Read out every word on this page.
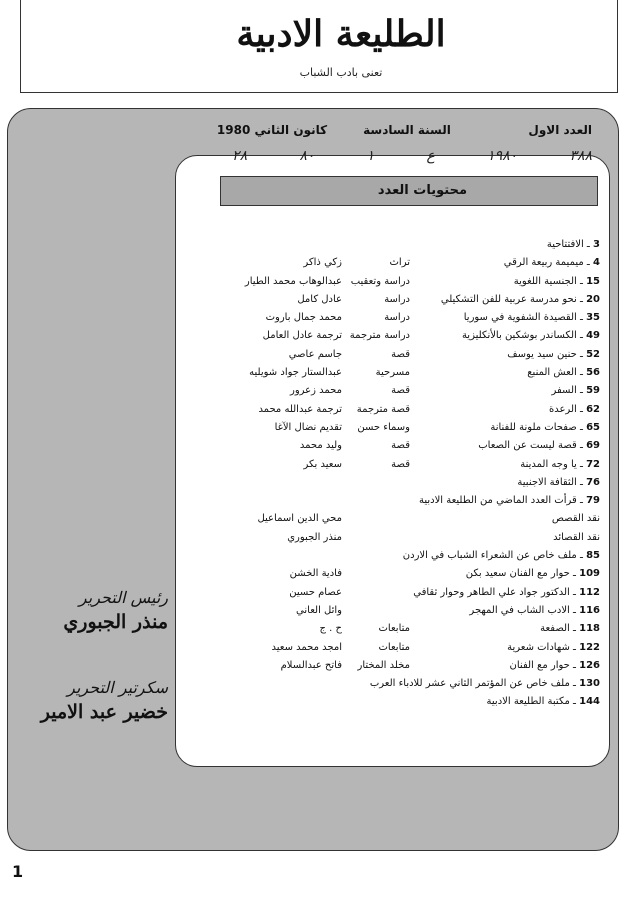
الطليعة الادبية
تعنى بادب الشباب
العدد الاول
السنة السادسة
كانون الثاني 1980
٣٨٨
١٩٨٠
ع
١
٨٠
٢٨
محتويات العدد
3 ـ الافتتاحية
4 ـ ميميمة ربيعة الرقي
تراث
زكي ذاكر
15 ـ الجنسية اللغوية
دراسة وتعقيب
عبدالوهاب محمد الطيار
20 ـ نحو مدرسة عربية للفن التشكيلي
دراسة
عادل كامل
35 ـ القصيدة الشفوية في سوريا
دراسة
محمد جمال باروت
49 ـ الكساندر بوشكين بالأنكليزية
دراسة مترجمة
ترجمة عادل العامل
52 ـ حنين سيد يوسف
قصة
جاسم عاصي
56 ـ العش المنبع
مسرحية
عبدالستار جواد شويليه
59 ـ السفر
قصة
محمد زعرور
62 ـ الرعدة
قصة مترجمة
ترجمة عبدالله محمد
65 ـ صفحات ملونة للفنانة
وسماء حسن
تقديم نضال الآغا
69 ـ قصة ليست عن الصعاب
قصة
وليد محمد
72 ـ يا وجه المدينة
قصة
سعيد بكر
76 ـ الثقافة الاجنبية
79 ـ قرأت العدد الماضي من الطليعة الادبية
نقد القصص
محي الدين اسماعيل
نقد القصائد
منذر الجبوري
85 ـ ملف خاص عن الشعراء الشباب في الاردن
109 ـ حوار مع الفنان سعيد بكن
فادية الخشن
112 ـ الدكتور جواد علي الطاهر وحوار ثقافي
عصام حسين
116 ـ الادب الشاب في المهجر
وائل العاني
118 ـ الصفعة
متابعات
ح . ج
122 ـ شهادات شعرية
متابعات
امجد محمد سعيد
126 ـ حوار مع الفنان
مخلد المختار
فاتح عبدالسلام
130 ـ ملف خاص عن المؤتمر الثاني عشر للادباء العرب
144 ـ مكتبة الطليعة الادبية
رئيس التحرير
منذر الجبوري
سكرتير التحرير
خضير عبد الامير
1
